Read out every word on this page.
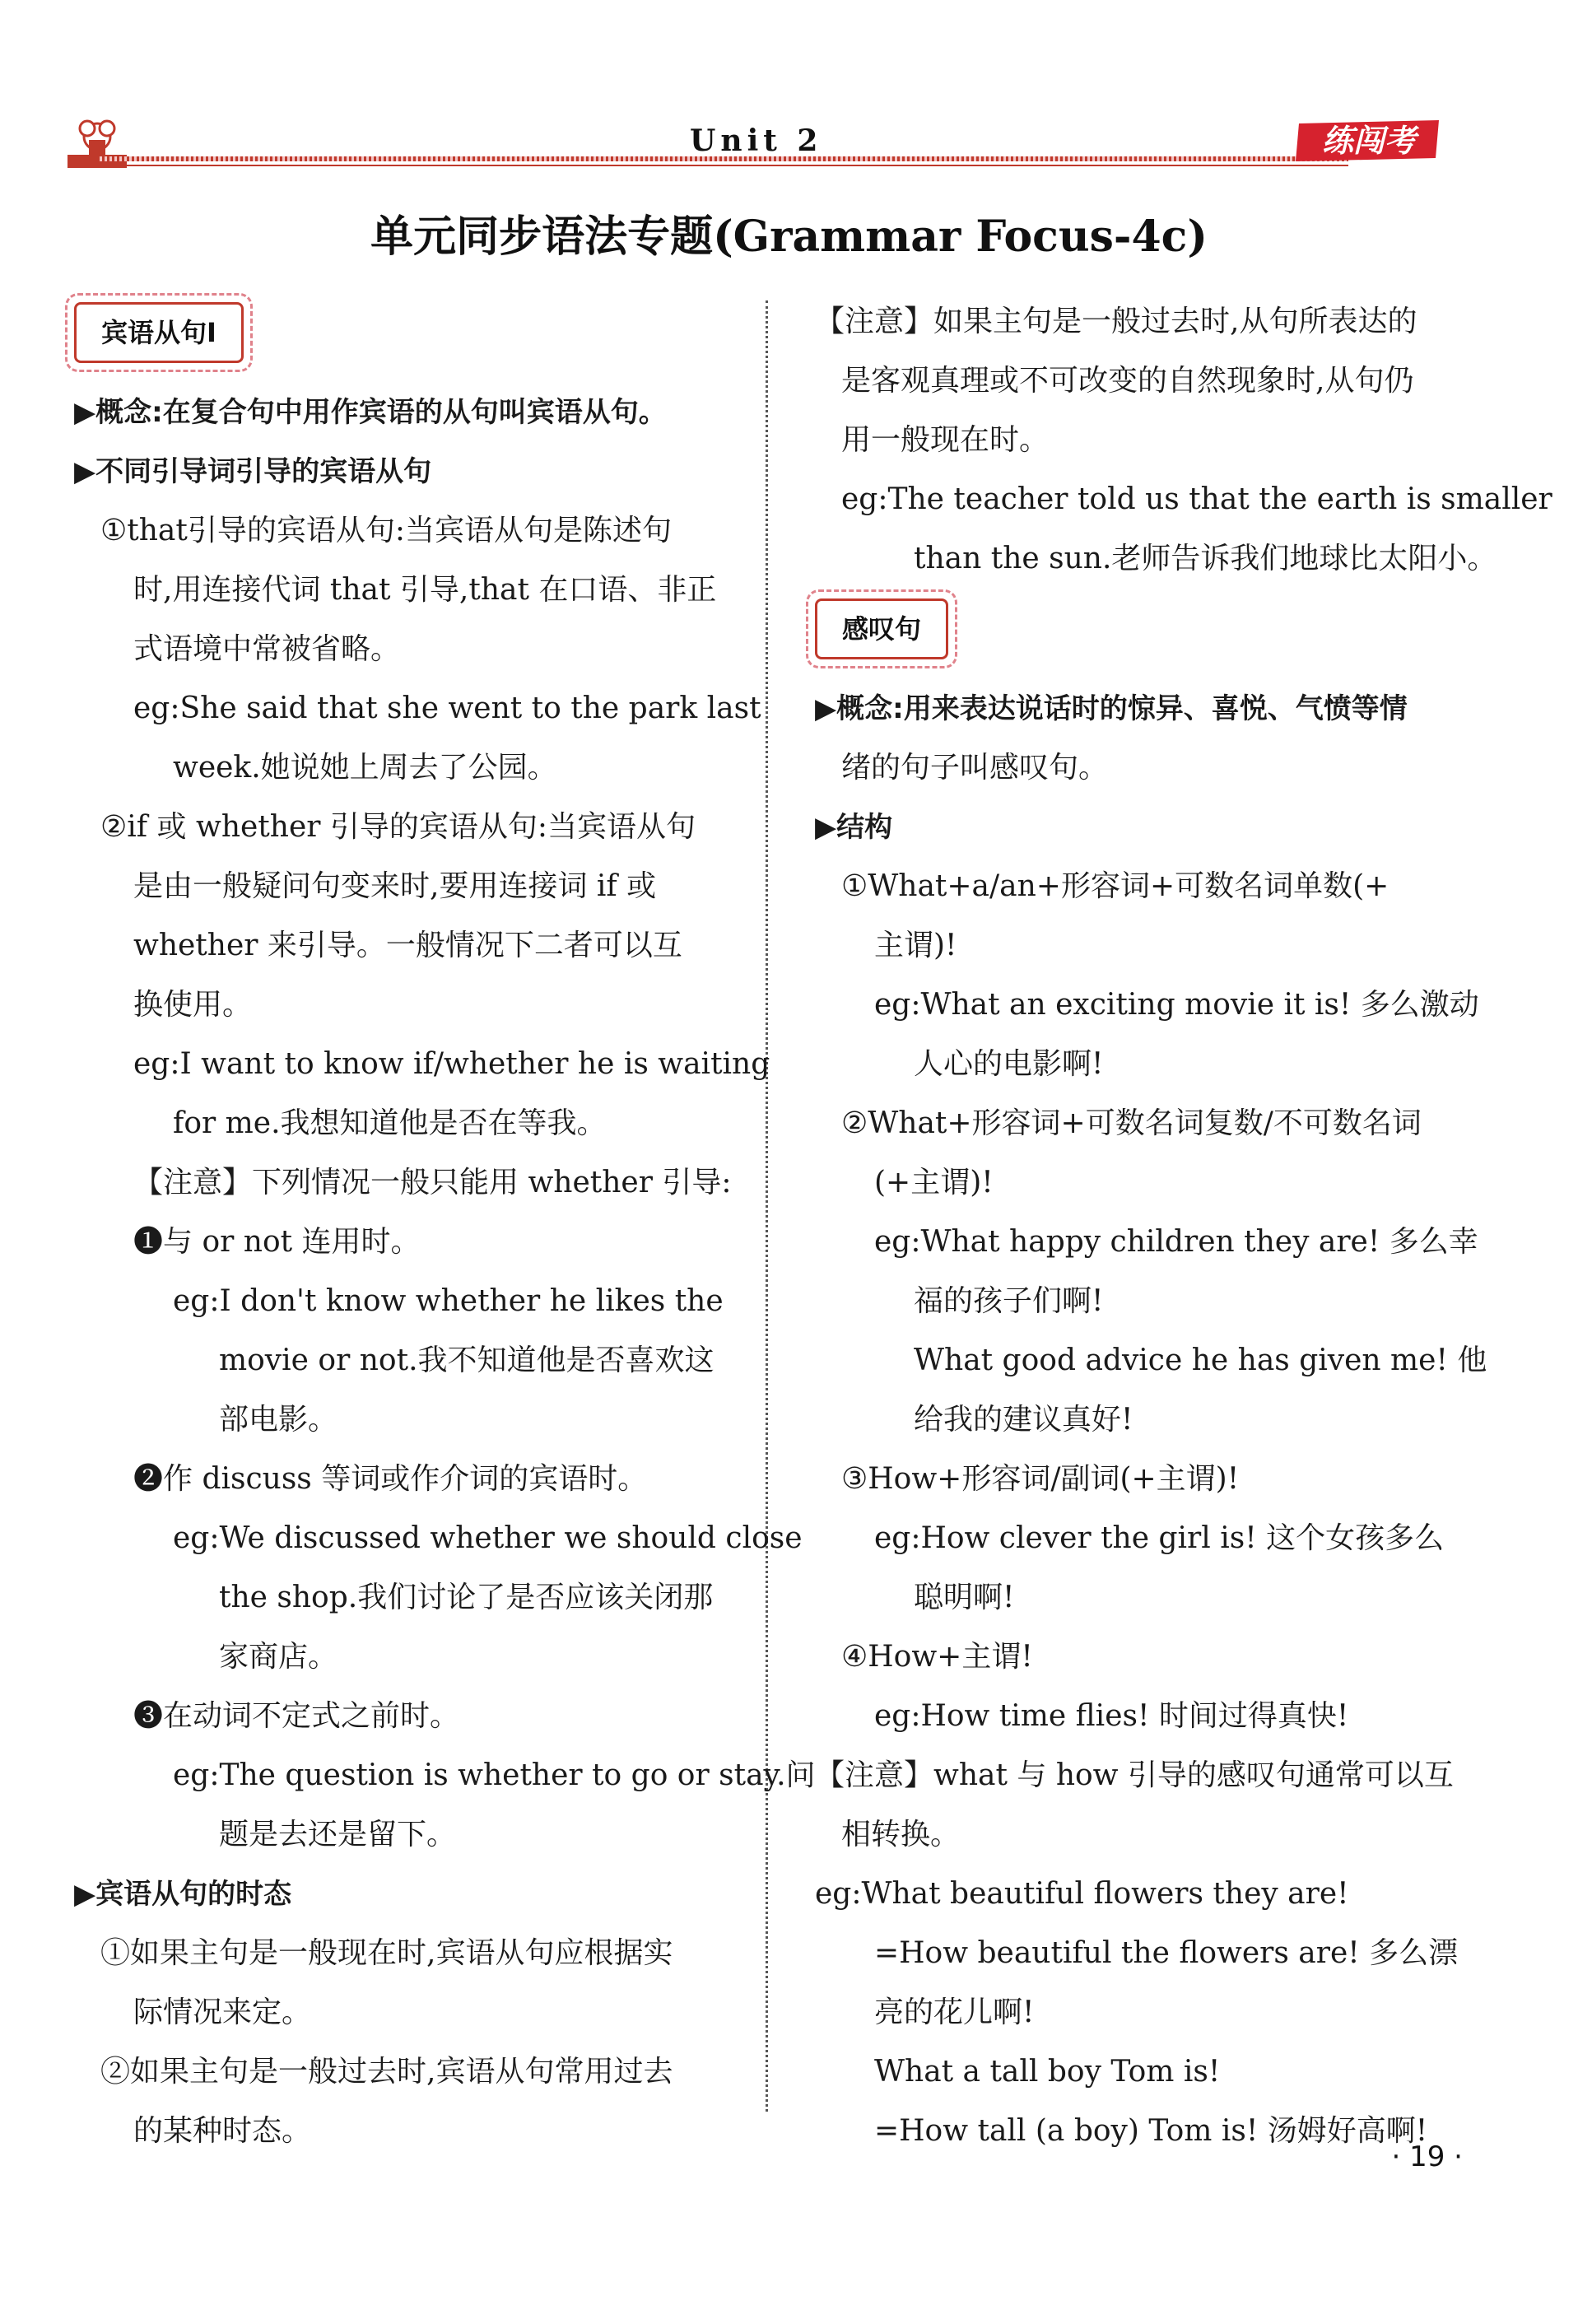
Unit 2	练闯考
单元同步语法专题(Grammar Focus-4c)
宾语从句Ⅰ
▶概念:在复合句中用作宾语的从句叫宾语从句。
▶不同引导词引导的宾语从句
①that引导的宾语从句:当宾语从句是陈述句
时,用连接代词 that 引导,that 在口语、非正
式语境中常被省略。
eg:She said that she went to the park last
week.她说她上周去了公园。
②if 或 whether 引导的宾语从句:当宾语从句
是由一般疑问句变来时,要用连接词 if 或
whether 来引导。一般情况下二者可以互
换使用。
eg:I want to know if/whether he is waiting
for me.我想知道他是否在等我。
【注意】下列情况一般只能用 whether 引导:
❶与 or not 连用时。
eg:I don't know whether he likes the
movie or not.我不知道他是否喜欢这
部电影。
❷作 discuss 等词或作介词的宾语时。
eg:We discussed whether we should close
the shop.我们讨论了是否应该关闭那
家商店。
❸在动词不定式之前时。
eg:The question is whether to go or stay.问
题是去还是留下。
▶宾语从句的时态
①如果主句是一般现在时,宾语从句应根据实
际情况来定。
②如果主句是一般过去时,宾语从句常用过去
的某种时态。
【注意】如果主句是一般过去时,从句所表达的
是客观真理或不可改变的自然现象时,从句仍
用一般现在时。
eg:The teacher told us that the earth is smaller
than the sun.老师告诉我们地球比太阳小。
感叹句
▶概念:用来表达说话时的惊异、喜悦、气愤等情
绪的句子叫感叹句。
▶结构
①What+a/an+形容词+可数名词单数(+
主谓)!
eg:What an exciting movie it is! 多么激动
人心的电影啊!
②What+形容词+可数名词复数/不可数名词
(+主谓)!
eg:What happy children they are! 多么幸
福的孩子们啊!
What good advice he has given me! 他
给我的建议真好!
③How+形容词/副词(+主谓)!
eg:How clever the girl is! 这个女孩多么
聪明啊!
④How+主谓!
eg:How time flies! 时间过得真快!
【注意】what 与 how 引导的感叹句通常可以互
相转换。
eg:What beautiful flowers they are!
=How beautiful the flowers are! 多么漂
亮的花儿啊!
What a tall boy Tom is!
=How tall (a boy) Tom is! 汤姆好高啊!
· 19 ·
